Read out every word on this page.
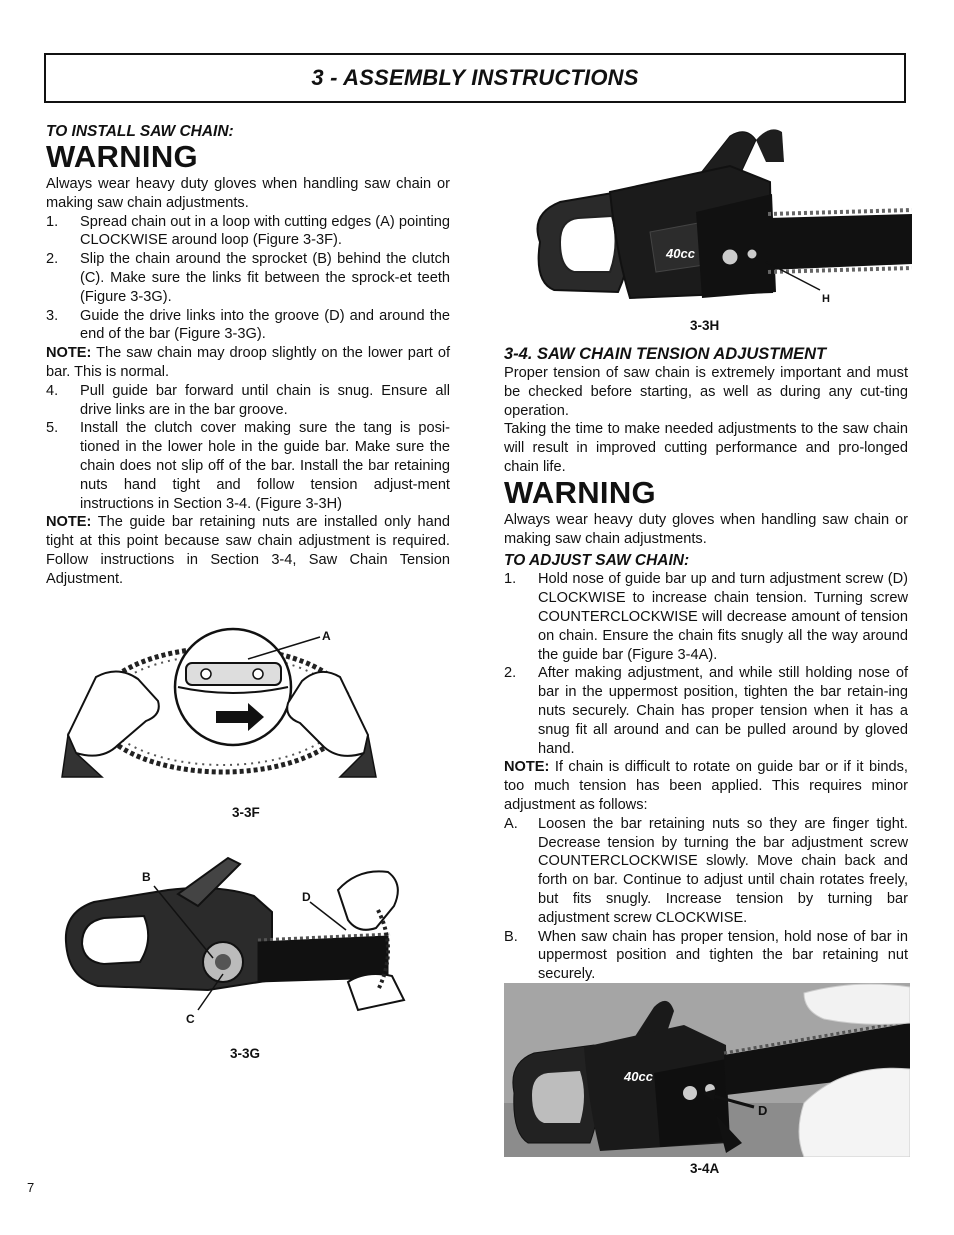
3 - ASSEMBLY INSTRUCTIONS
TO INSTALL SAW CHAIN:
WARNING

Always wear heavy duty gloves when handling saw chain or making saw chain adjustments.

1. Spread chain out in a loop with cutting edges (A) pointing CLOCKWISE around loop (Figure 3-3F).
2. Slip the chain around the sprocket (B) behind the clutch (C). Make sure the links fit between the sprock-et teeth (Figure 3-3G).
3. Guide the drive links into the groove (D) and around the end of the bar (Figure 3-3G).

NOTE: The saw chain may droop slightly on the lower part of bar. This is normal.

4. Pull guide bar forward until chain is snug. Ensure all drive links are in the bar groove.
5. Install the clutch cover making sure the tang is posi-tioned in the lower hole in the guide bar. Make sure the chain does not slip off of the bar. Install the bar retaining nuts hand tight and follow tension adjust-ment instructions in Section 3-4. (Figure 3-3H)

NOTE: The guide bar retaining nuts are installed only hand tight at this point because saw chain adjustment is required. Follow instructions in Section 3-4, Saw Chain Tension Adjustment.

A
3-3F
B
C
D
3-3G
40cc
H
3-3H
3-4. SAW CHAIN TENSION ADJUSTMENT

Proper tension of saw chain is extremely important and must be checked before starting, as well as during any cut-ting operation.

Taking the time to make needed adjustments to the saw chain will result in improved cutting performance and pro-longed chain life.

WARNING

Always wear heavy duty gloves when handling saw chain or making saw chain adjustments.

TO ADJUST SAW CHAIN:
1. Hold nose of guide bar up and turn adjustment screw (D) CLOCKWISE to increase chain tension. Turning screw COUNTERCLOCKWISE will decrease amount of tension on chain. Ensure the chain fits snugly all the way around the guide bar (Figure 3-4A).
2. After making adjustment, and while still holding nose of bar in the uppermost position, tighten the bar retain-ing nuts securely. Chain has proper tension when it has a snug fit all around and can be pulled around by gloved hand.

NOTE: If chain is difficult to rotate on guide bar or if it binds, too much tension has been applied. This requires minor adjustment as follows:

A. Loosen the bar retaining nuts so they are finger tight. Decrease tension by turning the bar adjustment screw COUNTERCLOCKWISE slowly. Move chain back and forth on bar. Continue to adjust until chain rotates freely, but fits snugly. Increase tension by turning bar adjustment screw CLOCKWISE.
B. When saw chain has proper tension, hold nose of bar in uppermost position and tighten the bar retaining nut securely.
40cc
D
3-4A
7
